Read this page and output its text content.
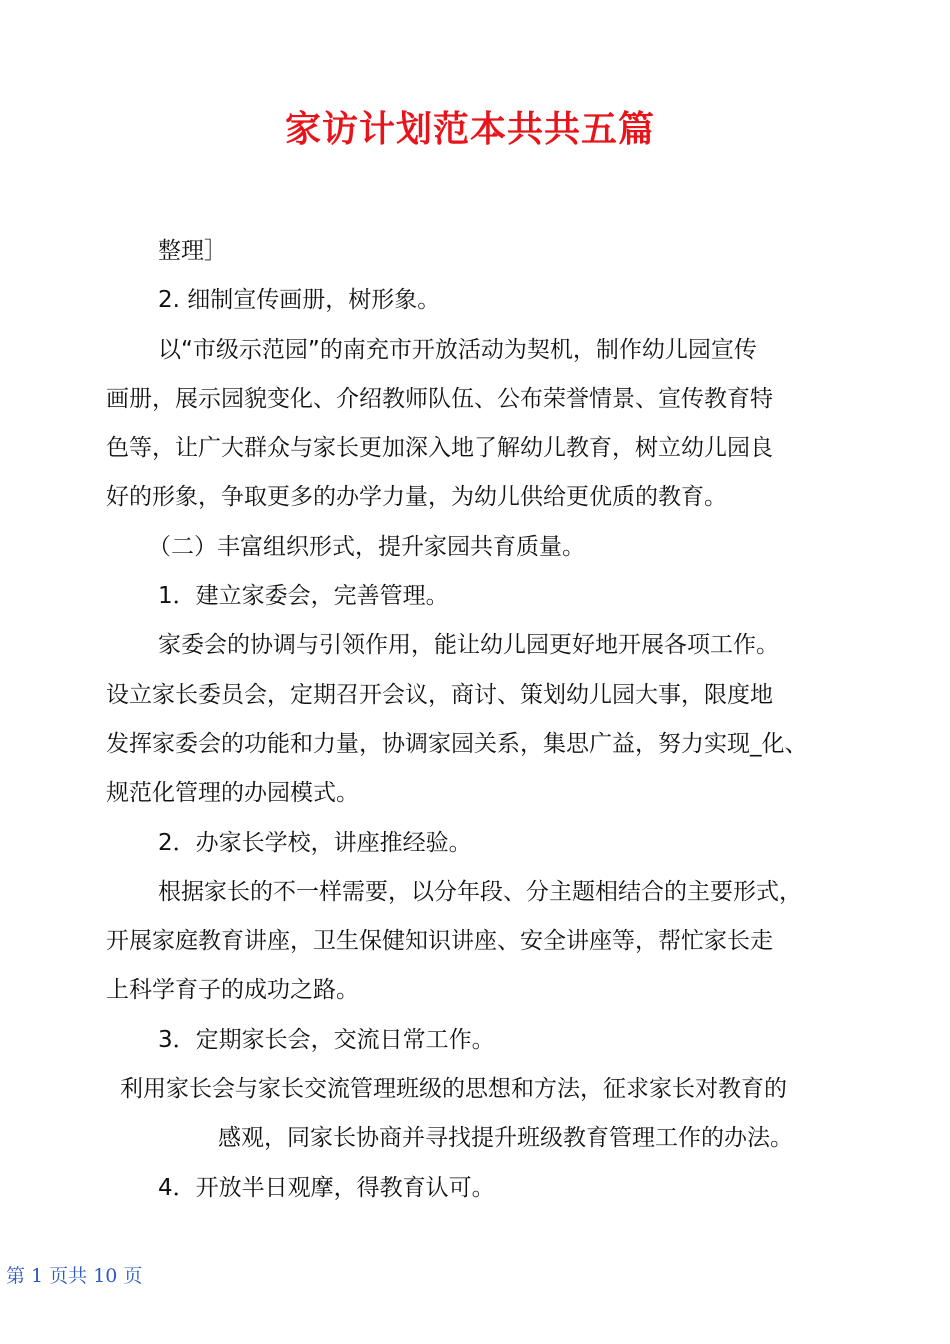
家访计划范本共共五篇

整理］

2. 细制宣传画册，树形象。

以“市级示范园”的南充市开放活动为契机，制作幼儿园宣传

画册，展示园貌变化、介绍教师队伍、公布荣誉情景、宣传教育特

色等，让广大群众与家长更加深入地了解幼儿教育，树立幼儿园良

好的形象，争取更多的办学力量，为幼儿供给更优质的教育。

（二）丰富组织形式，提升家园共育质量。

1．建立家委会，完善管理。

家委会的协调与引领作用，能让幼儿园更好地开展各项工作。

设立家长委员会，定期召开会议，商讨、策划幼儿园大事，限度地

发挥家委会的功能和力量，协调家园关系，集思广益，努力实现_化、

规范化管理的办园模式。

2．办家长学校，讲座推经验。

根据家长的不一样需要，以分年段、分主题相结合的主要形式，

开展家庭教育讲座，卫生保健知识讲座、安全讲座等，帮忙家长走

上科学育子的成功之路。

3．定期家长会，交流日常工作。

利用家长会与家长交流管理班级的思想和方法，征求家长对教育的

感观，同家长协商并寻找提升班级教育管理工作的办法。

4．开放半日观摩，得教育认可。

第 1 页共 10 页
